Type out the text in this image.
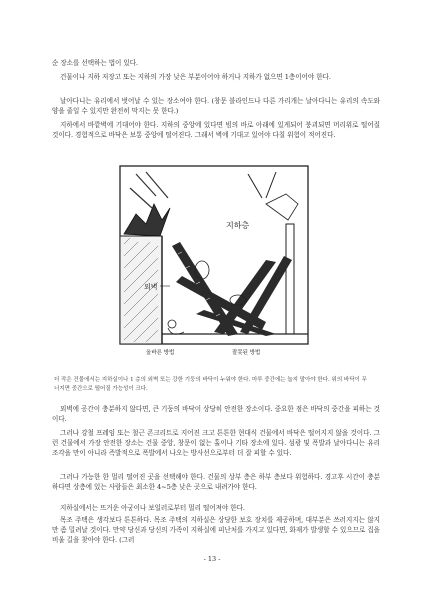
순 장소를 선택하는 법이 있다.

건물이나 지하 저장고 또는 지하의 가장 낮은 부분이어야 하거나 지하가 없으면 1층이어야 한다.

날아다니는 유리에서 벗어날 수 있는 장소여야 한다. (창문 블라인드나 다른 가리개는 날아다니는 유리의 속도와 양을 줄일 수 있지만 완전히 막지는 못 한다.)

지하에서 바깥벽에 기대어야 한다. 지하의 중앙에 있다면 빔의 바로 아래에 있게되어 붕괴되면 머리위로 떨어질 것이다. 경험적으로 바닥은 보통 중앙에 떨어진다. 그래서 벽에 기대고 있어야 다칠 위험이 적어진다.

지하층
외벽
올바른 방법	잘못된 방법

더 작은 건물에서는 지하실이나 1 층의 외벽 또는 강한 기둥의 바닥이 누워야 한다. 마루 중간에는 눕지 말아야 한다. 위의 바닥이 무너지면 중간으로 떨어질 가능성이 크다.

외벽에 공간이 충분하지 않다면, 큰 기둥의 바닥이 상당히 안전한 장소이다. 중요한 점은 바닥의 중간을 피하는 것이다.

그러나 강철 프레임 또는 철근 콘크리트로 지어진 크고 튼튼한 현대식 건물에서 바닥은 떨어지지 않을 것이다. 그런 건물에서 가장 안전한 장소는 건물 중앙, 창문이 없는 홀이나 기타 장소에 있다. 섬광 및 폭발과 날아다니는 유리 조각을 만이 아니라 즉발적으로 폭발에서 나오는 방사선으로부터 더 잘 피할 수 있다.

그러나 가능한 한 멀리 떨어진 곳을 선택해야 한다. 건물의 상부 층은 하부 층보다 위험하다. 경고후 시간이 충분하다면 상층에 있는 사람들은 최소한 4~5층 낮은 곳으로 내려가야 한다.

지하실에서는 뜨거운 아궁이나 보일러로부터 멀리 떨어져야 한다.

목조 주택은 생각보다 튼튼하다. 목조 주택의 지하실은 상당한 보호 장치를 제공하며, 대부분은 쓰러지지는 않지만 좀 밀려날 것이다. 만약 당신과 당신의 가족이 지하실에 피난처를 가지고 있다면, 화재가 발생할 수 있으므로 집을 비울 길을 찾아야 한다. (그러

- 13 -
